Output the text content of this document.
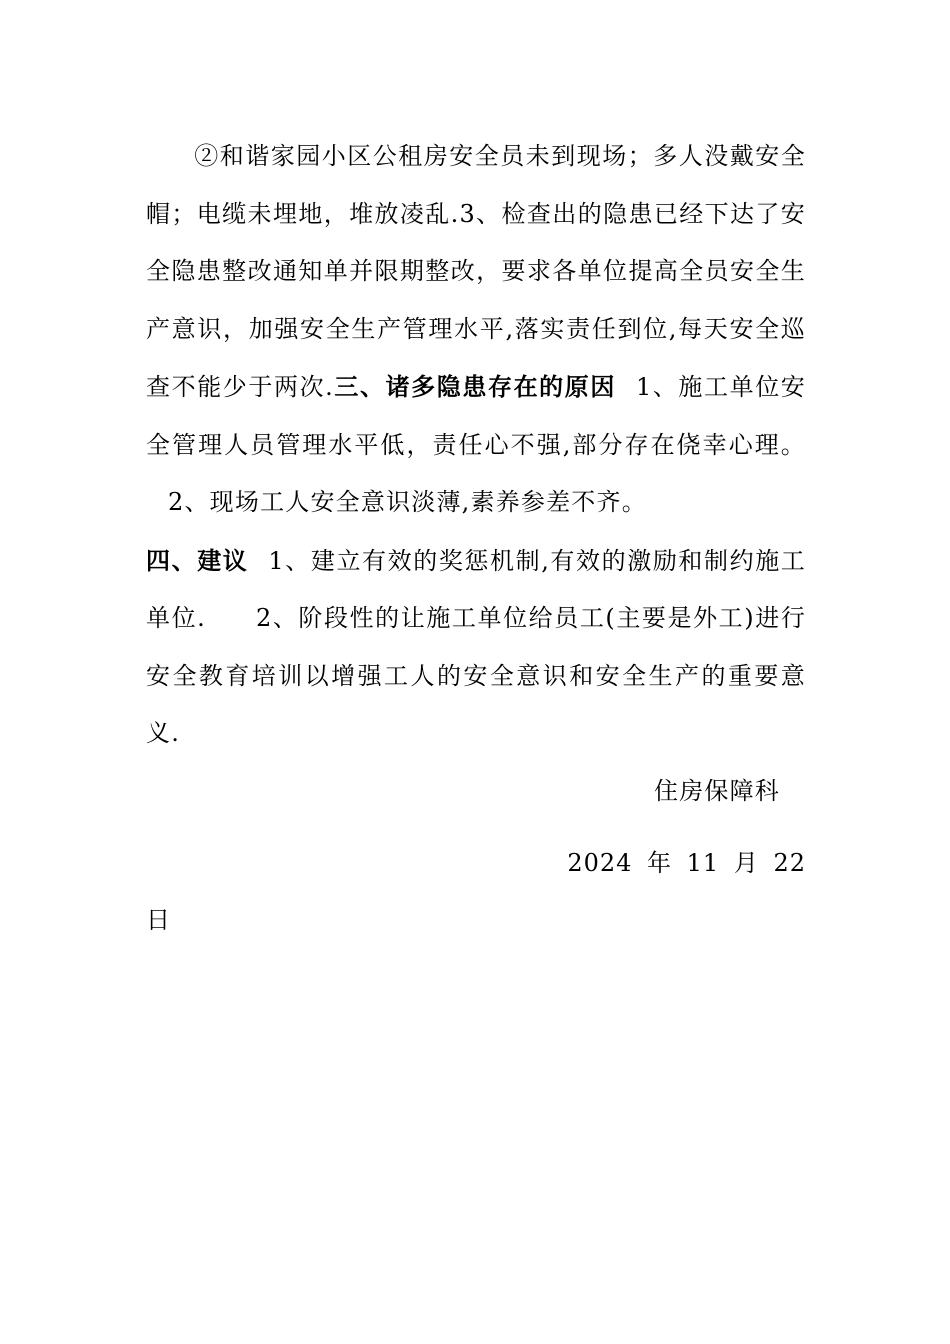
②和谐家园小区公租房安全员未到现场；多人没戴安全帽；电缆未埋地，堆放凌乱.3、检查出的隐患已经下达了安全隐患整改通知单并限期整改，要求各单位提高全员安全生产意识，加强安全生产管理水平,落实责任到位,每天安全巡查不能少于两次.三、诸多隐患存在的原因 1、施工单位安全管理人员管理水平低，责任心不强,部分存在侥幸心理。2、现场工人安全意识淡薄,素养参差不齐。

四、建议 1、建立有效的奖惩机制,有效的激励和制约施工单位. 2、阶段性的让施工单位给员工(主要是外工)进行安全教育培训以增强工人的安全意识和安全生产的重要意义.

住房保障科
2024 年 11 月 22
日
